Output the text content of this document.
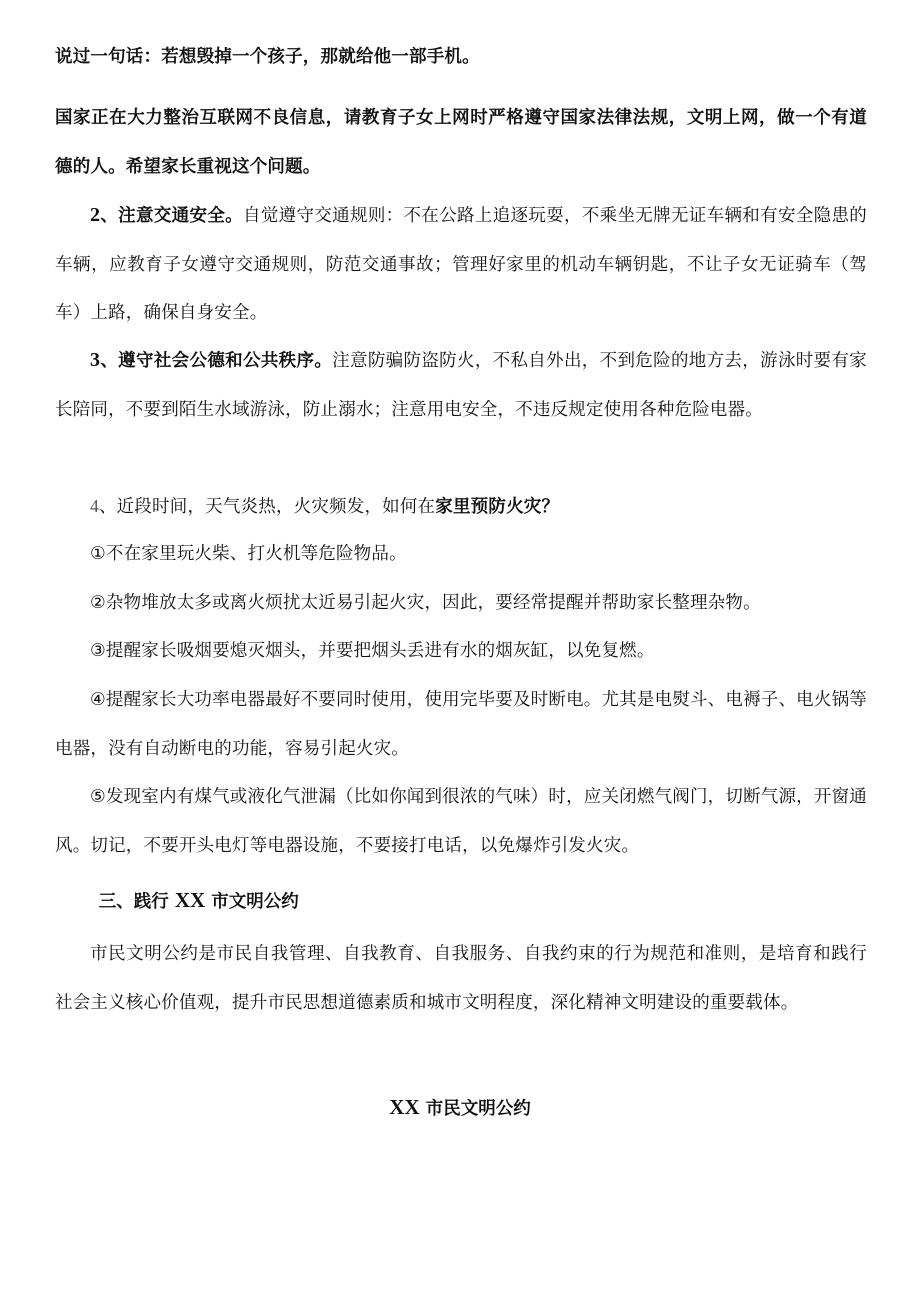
说过一句话：若想毁掉一个孩子，那就给他一部手机。

国家正在大力整治互联网不良信息，请教育子女上网时严格遵守国家法律法规，文明上网，做一个有道德的人。希望家长重视这个问题。

2、注意交通安全。自觉遵守交通规则：不在公路上追逐玩耍，不乘坐无牌无证车辆和有安全隐患的车辆，应教育子女遵守交通规则，防范交通事故；管理好家里的机动车辆钥匙，不让子女无证骑车（驾车）上路，确保自身安全。

3、遵守社会公德和公共秩序。注意防骗防盗防火，不私自外出，不到危险的地方去，游泳时要有家长陪同，不要到陌生水域游泳，防止溺水；注意用电安全，不违反规定使用各种危险电器。

4、近段时间，天气炎热，火灾频发，如何在家里预防火灾？

①不在家里玩火柴、打火机等危险物品。

②杂物堆放太多或离火烦扰太近易引起火灾，因此，要经常提醒并帮助家长整理杂物。

③提醒家长吸烟要熄灭烟头，并要把烟头丢进有水的烟灰缸，以免复燃。

④提醒家长大功率电器最好不要同时使用，使用完毕要及时断电。尤其是电熨斗、电褥子、电火锅等电器，没有自动断电的功能，容易引起火灾。

⑤发现室内有煤气或液化气泄漏（比如你闻到很浓的气味）时，应关闭燃气阀门，切断气源，开窗通风。切记，不要开头电灯等电器设施，不要接打电话，以免爆炸引发火灾。

三、践行 XX 市文明公约

市民文明公约是市民自我管理、自我教育、自我服务、自我约束的行为规范和准则，是培育和践行社会主义核心价值观，提升市民思想道德素质和城市文明程度，深化精神文明建设的重要载体。

XX 市民文明公约
